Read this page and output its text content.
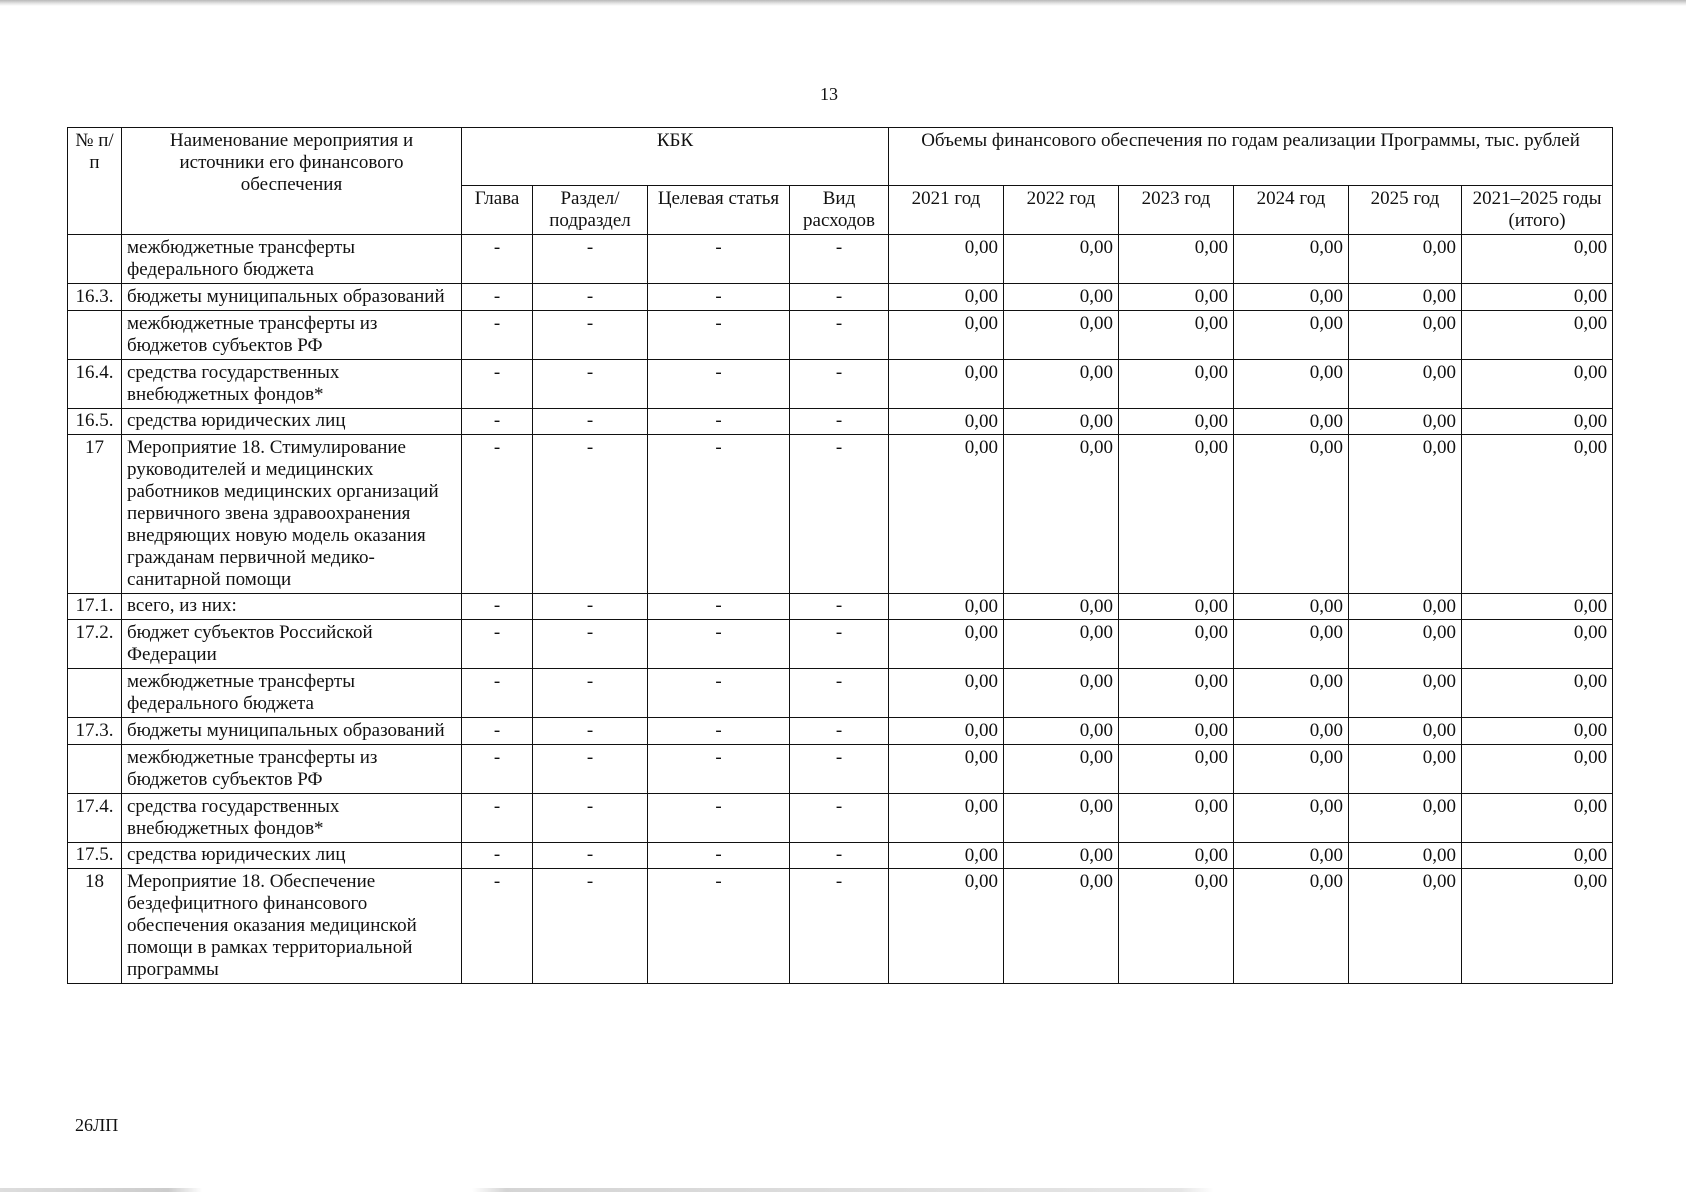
13
№ п/п	Наименование мероприятия и источники его финансового обеспечения	КБК				Объемы финансового обеспечения по годам реализации Программы, тыс. рублей					
		Глава	Раздел/ подраздел	Целевая статья	Вид расходов	2021 год	2022 год	2023 год	2024 год	2025 год	2021–2025 годы (итого)
	межбюджетные трансферты федерального бюджета	-	-	-	-	0,00	0,00	0,00	0,00	0,00	0,00
16.3.	бюджеты муниципальных образований	-	-	-	-	0,00	0,00	0,00	0,00	0,00	0,00
	межбюджетные трансферты из бюджетов субъектов РФ	-	-	-	-	0,00	0,00	0,00	0,00	0,00	0,00
16.4.	средства государственных внебюджетных фондов*	-	-	-	-	0,00	0,00	0,00	0,00	0,00	0,00
16.5.	средства юридических лиц	-	-	-	-	0,00	0,00	0,00	0,00	0,00	0,00
17	Мероприятие 18. Стимулирование руководителей и медицинских работников медицинских организаций первичного звена здравоохранения внедряющих новую модель оказания гражданам первичной медико-санитарной помощи	-	-	-	-	0,00	0,00	0,00	0,00	0,00	0,00
17.1.	всего, из них:	-	-	-	-	0,00	0,00	0,00	0,00	0,00	0,00
17.2.	бюджет субъектов Российской Федерации	-	-	-	-	0,00	0,00	0,00	0,00	0,00	0,00
	межбюджетные трансферты федерального бюджета	-	-	-	-	0,00	0,00	0,00	0,00	0,00	0,00
17.3.	бюджеты муниципальных образований	-	-	-	-	0,00	0,00	0,00	0,00	0,00	0,00
	межбюджетные трансферты из бюджетов субъектов РФ	-	-	-	-	0,00	0,00	0,00	0,00	0,00	0,00
17.4.	средства государственных внебюджетных фондов*	-	-	-	-	0,00	0,00	0,00	0,00	0,00	0,00
17.5.	средства юридических лиц	-	-	-	-	0,00	0,00	0,00	0,00	0,00	0,00
18	Мероприятие 18. Обеспечение бездефицитного финансового обеспечения оказания медицинской помощи в рамках территориальной программы	-	-	-	-	0,00	0,00	0,00	0,00	0,00	0,00
26ЛП
